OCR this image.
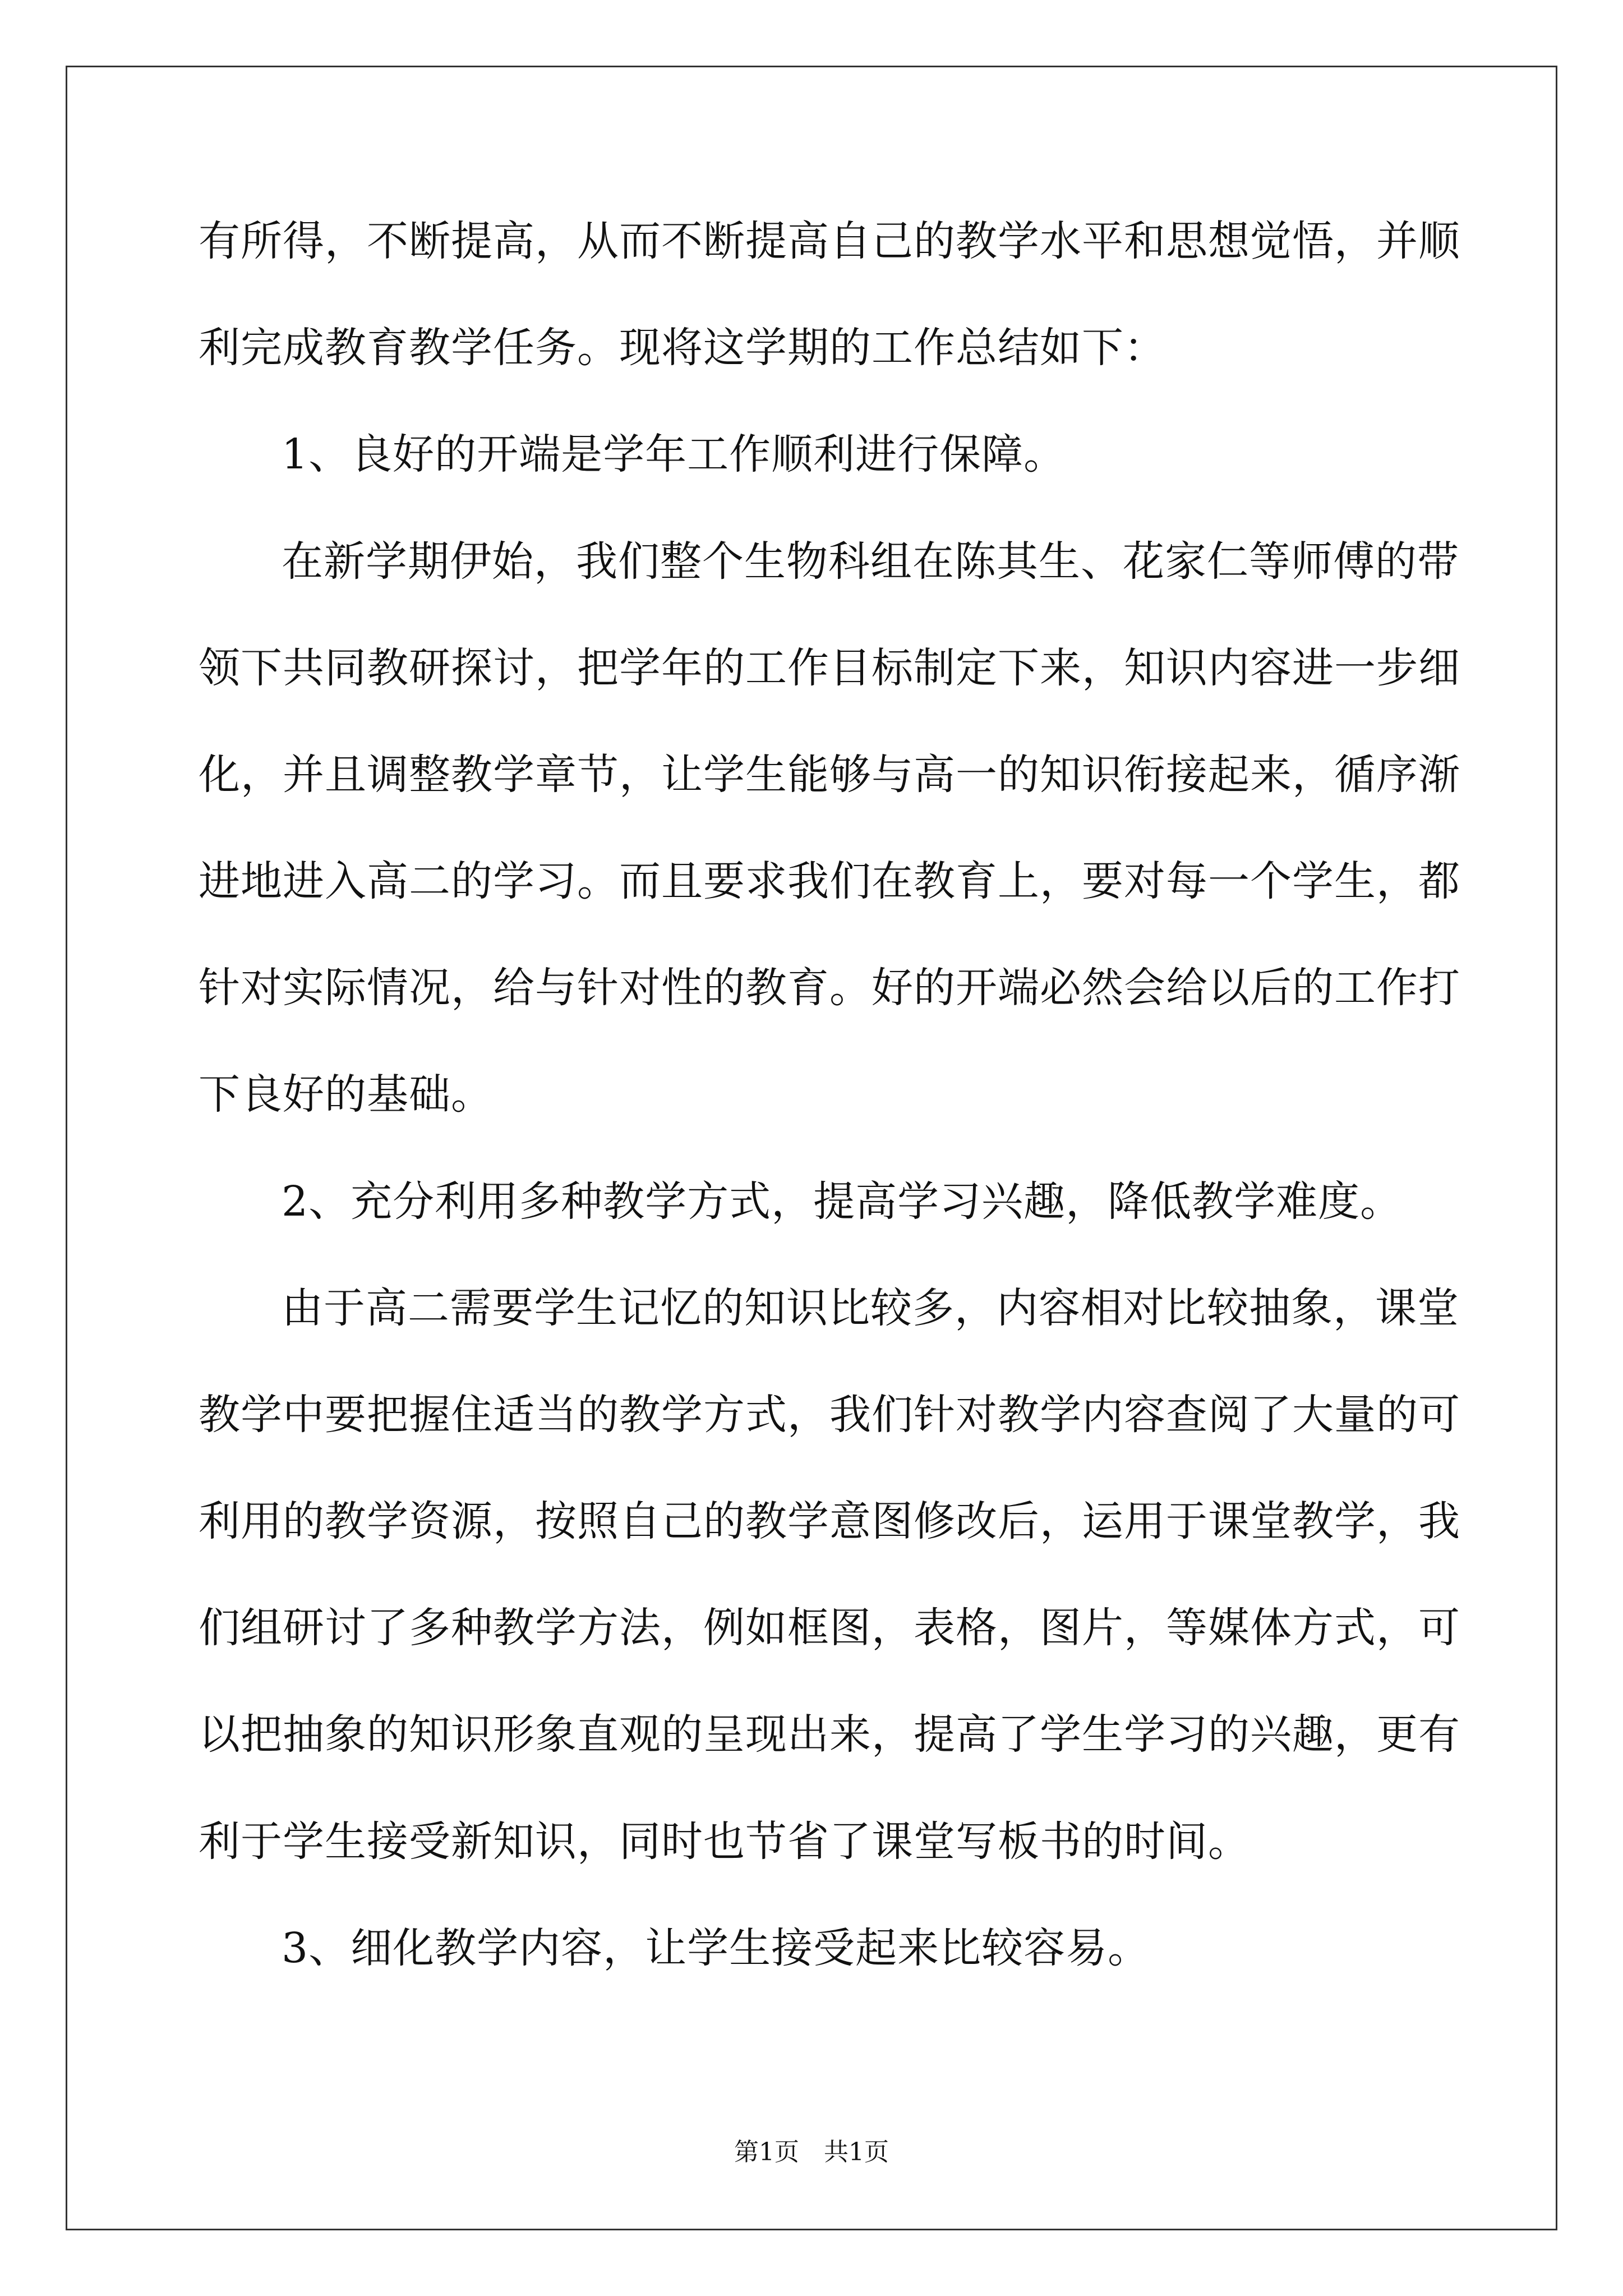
有所得，不断提高，从而不断提高自己的教学水平和思想觉悟，并顺
利完成教育教学任务。现将这学期的工作总结如下：
1、良好的开端是学年工作顺利进行保障。
在新学期伊始，我们整个生物科组在陈其生、花家仁等师傅的带
领下共同教研探讨，把学年的工作目标制定下来，知识内容进一步细
化，并且调整教学章节，让学生能够与高一的知识衔接起来，循序渐
进地进入高二的学习。而且要求我们在教育上，要对每一个学生，都
针对实际情况，给与针对性的教育。好的开端必然会给以后的工作打
下良好的基础。
2、充分利用多种教学方式，提高学习兴趣，降低教学难度。
由于高二需要学生记忆的知识比较多，内容相对比较抽象，课堂
教学中要把握住适当的教学方式，我们针对教学内容查阅了大量的可
利用的教学资源，按照自己的教学意图修改后，运用于课堂教学，我
们组研讨了多种教学方法，例如框图，表格，图片，等媒体方式，可
以把抽象的知识形象直观的呈现出来，提高了学生学习的兴趣，更有
利于学生接受新知识，同时也节省了课堂写板书的时间。
3、细化教学内容，让学生接受起来比较容易。
第1页　共1页
